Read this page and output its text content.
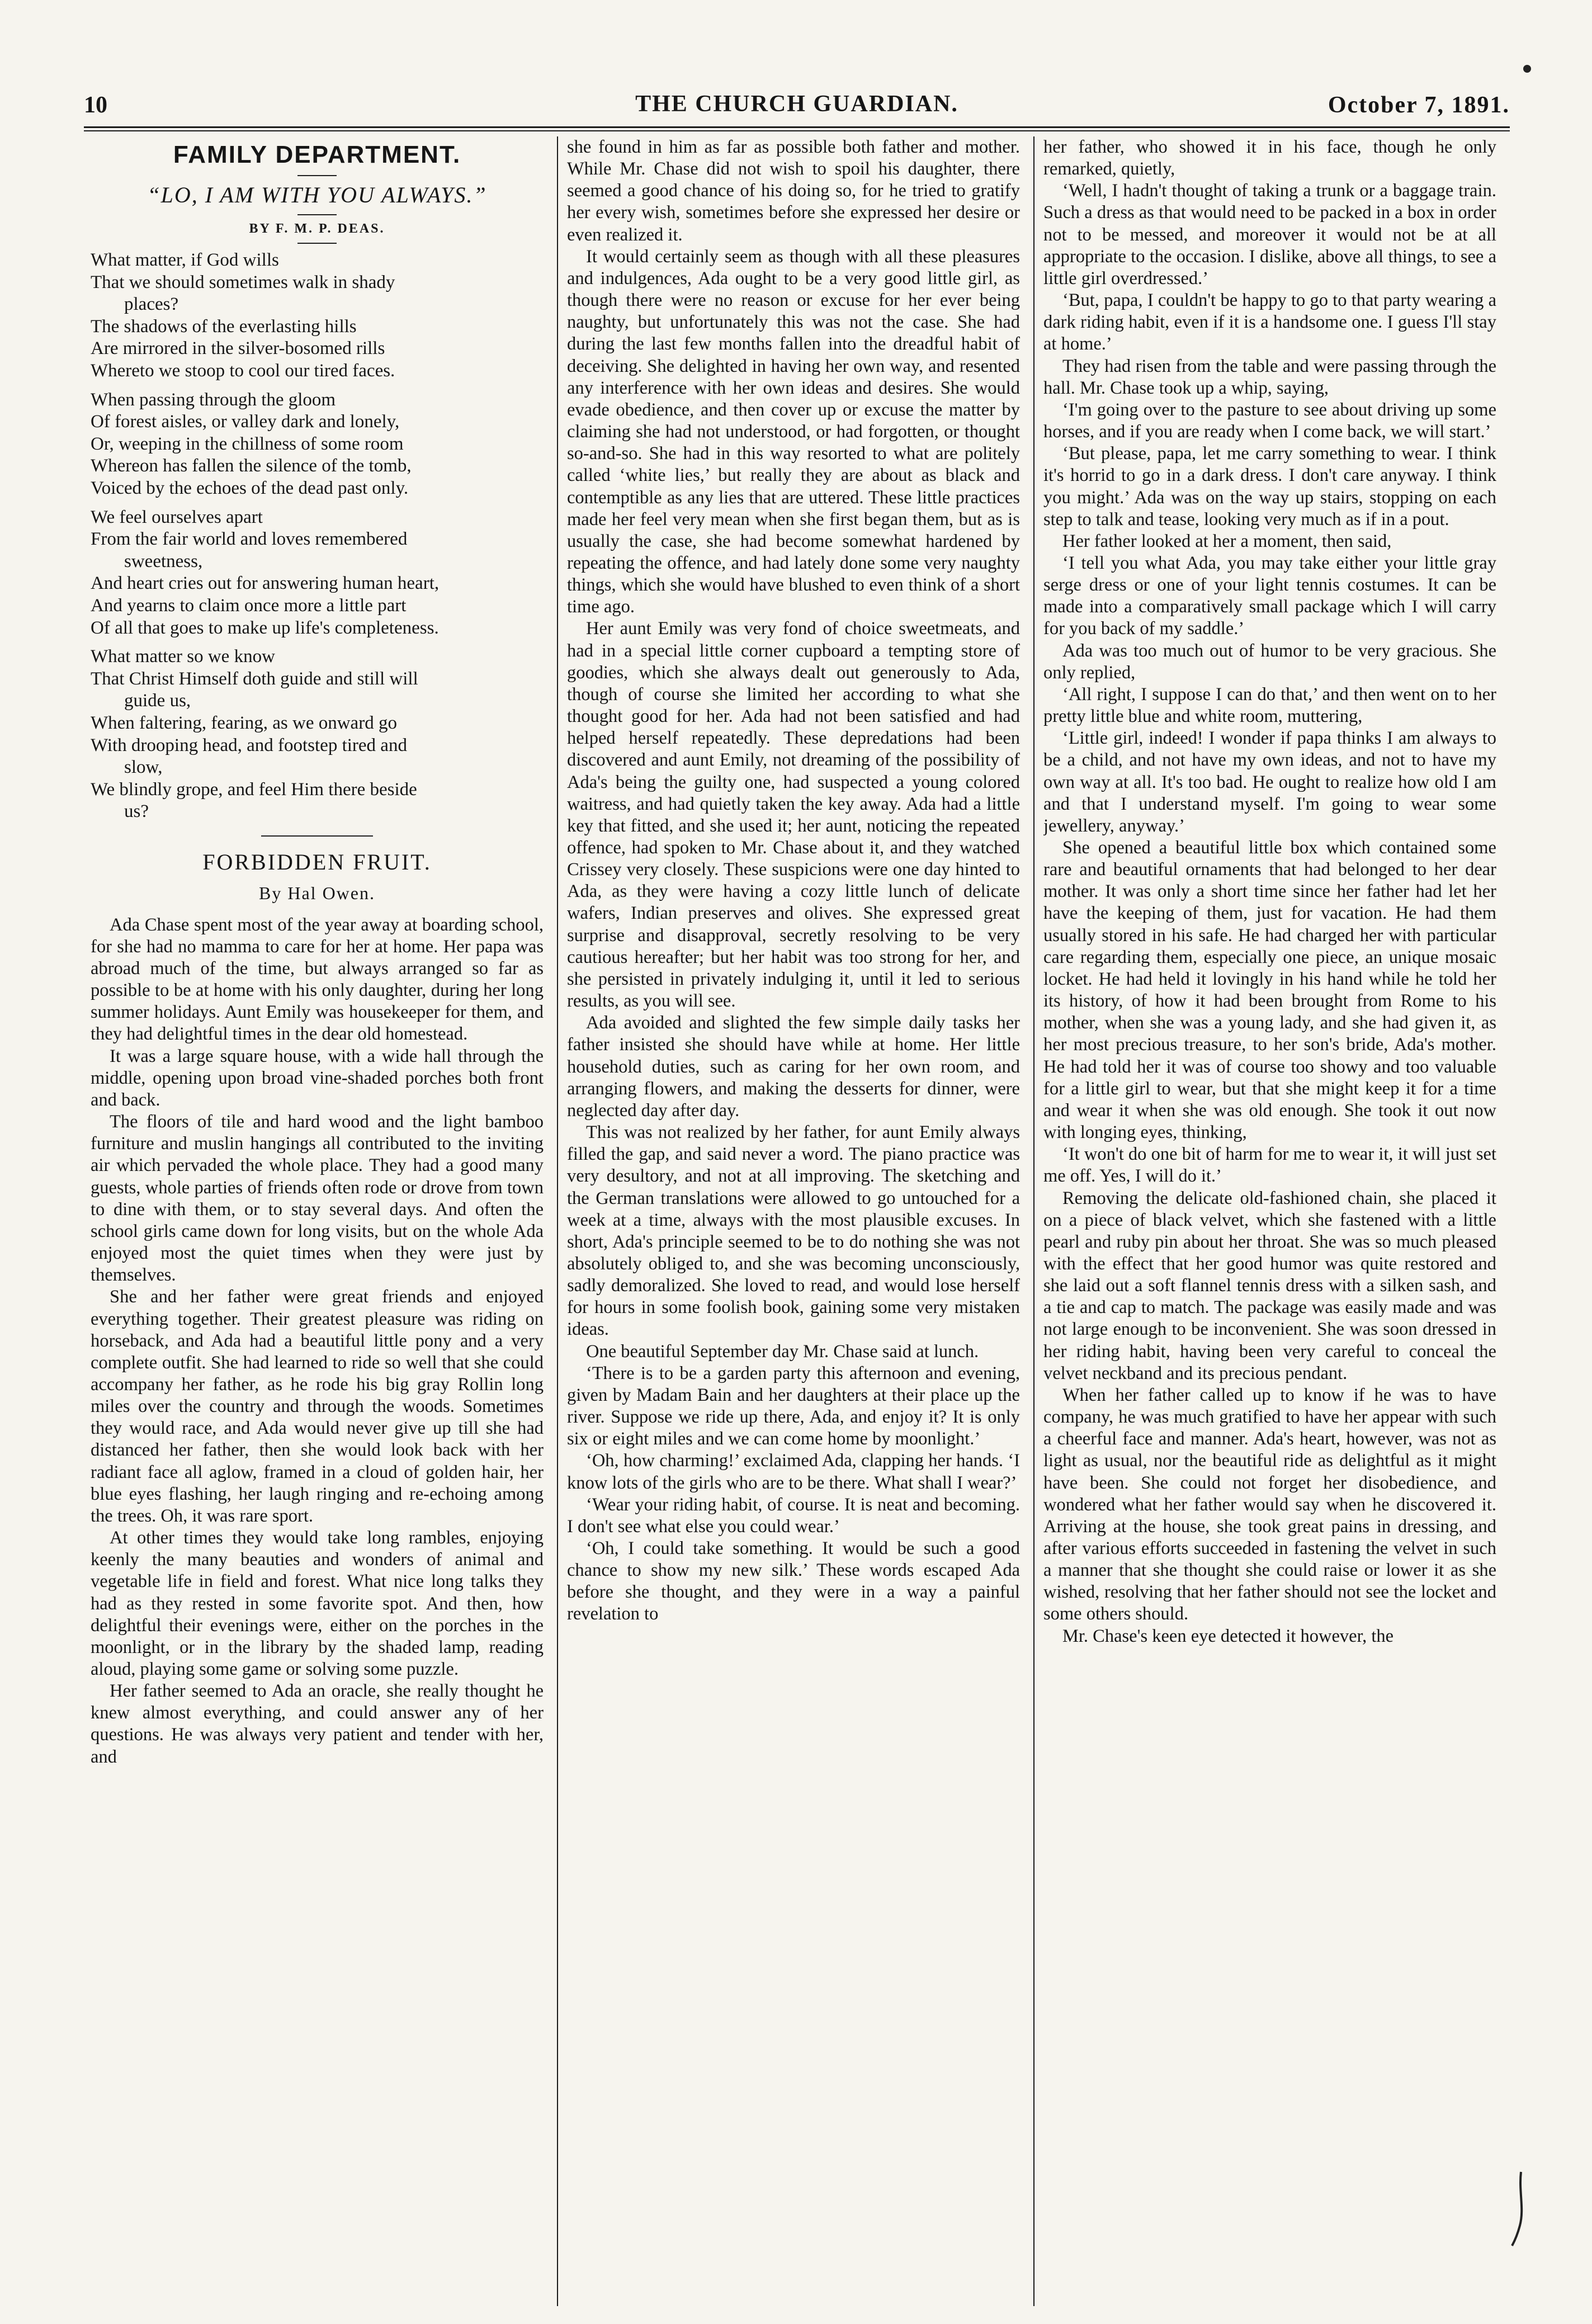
10	THE CHURCH GUARDIAN.	October 7, 1891.
FAMILY DEPARTMENT.
“LO, I AM WITH YOU ALWAYS.”
BY F. M. P. DEAS.
What matter, if God wills
That we should sometimes walk in shady
places?
The shadows of the everlasting hills
Are mirrored in the silver-bosomed rills
Whereto we stoop to cool our tired faces.
When passing through the gloom
Of forest aisles, or valley dark and lonely,
Or, weeping in the chillness of some room
Whereon has fallen the silence of the tomb,
Voiced by the echoes of the dead past only.
We feel ourselves apart
From the fair world and loves remembered
sweetness,
And heart cries out for answering human heart,
And yearns to claim once more a little part
Of all that goes to make up life's completeness.
What matter so we know
That Christ Himself doth guide and still will
guide us,
When faltering, fearing, as we onward go
With drooping head, and footstep tired and
slow,
We blindly grope, and feel Him there beside
us?
FORBIDDEN FRUIT.
By Hal Owen.

Ada Chase spent most of the year away at boarding school, for she had no mamma to care for her at home. Her papa was abroad much of the time, but always arranged so far as possible to be at home with his only daughter, during her long summer holidays. Aunt Emily was housekeeper for them, and they had delightful times in the dear old homestead.

It was a large square house, with a wide hall through the middle, opening upon broad vine-shaded porches both front and back.

The floors of tile and hard wood and the light bamboo furniture and muslin hangings all contributed to the inviting air which pervaded the whole place. They had a good many guests, whole parties of friends often rode or drove from town to dine with them, or to stay several days. And often the school girls came down for long visits, but on the whole Ada enjoyed most the quiet times when they were just by themselves.

She and her father were great friends and enjoyed everything together. Their greatest pleasure was riding on horseback, and Ada had a beautiful little pony and a very complete outfit. She had learned to ride so well that she could accompany her father, as he rode his big gray Rollin long miles over the country and through the woods. Sometimes they would race, and Ada would never give up till she had distanced her father, then she would look back with her radiant face all aglow, framed in a cloud of golden hair, her blue eyes flashing, her laugh ringing and re-echoing among the trees. Oh, it was rare sport.

At other times they would take long rambles, enjoying keenly the many beauties and wonders of animal and vegetable life in field and forest. What nice long talks they had as they rested in some favorite spot. And then, how delightful their evenings were, either on the porches in the moonlight, or in the library by the shaded lamp, reading aloud, playing some game or solving some puzzle.

Her father seemed to Ada an oracle, she really thought he knew almost everything, and could answer any of her questions. He was always very patient and tender with her, and

she found in him as far as possible both father and mother. While Mr. Chase did not wish to spoil his daughter, there seemed a good chance of his doing so, for he tried to gratify her every wish, sometimes before she expressed her desire or even realized it.

It would certainly seem as though with all these pleasures and indulgences, Ada ought to be a very good little girl, as though there were no reason or excuse for her ever being naughty, but unfortunately this was not the case. She had during the last few months fallen into the dreadful habit of deceiving. She delighted in having her own way, and resented any interference with her own ideas and desires. She would evade obedience, and then cover up or excuse the matter by claiming she had not understood, or had forgotten, or thought so-and-so. She had in this way resorted to what are politely called ‘white lies,’ but really they are about as black and contemptible as any lies that are uttered. These little practices made her feel very mean when she first began them, but as is usually the case, she had become somewhat hardened by repeating the offence, and had lately done some very naughty things, which she would have blushed to even think of a short time ago.

Her aunt Emily was very fond of choice sweetmeats, and had in a special little corner cupboard a tempting store of goodies, which she always dealt out generously to Ada, though of course she limited her according to what she thought good for her. Ada had not been satisfied and had helped herself repeatedly. These depredations had been discovered and aunt Emily, not dreaming of the possibility of Ada's being the guilty one, had suspected a young colored waitress, and had quietly taken the key away. Ada had a little key that fitted, and she used it; her aunt, noticing the repeated offence, had spoken to Mr. Chase about it, and they watched Crissey very closely. These suspicions were one day hinted to Ada, as they were having a cozy little lunch of delicate wafers, Indian preserves and olives. She expressed great surprise and disapproval, secretly resolving to be very cautious hereafter; but her habit was too strong for her, and she persisted in privately indulging it, until it led to serious results, as you will see.

Ada avoided and slighted the few simple daily tasks her father insisted she should have while at home. Her little household duties, such as caring for her own room, and arranging flowers, and making the desserts for dinner, were neglected day after day.

This was not realized by her father, for aunt Emily always filled the gap, and said never a word. The piano practice was very desultory, and not at all improving. The sketching and the German translations were allowed to go untouched for a week at a time, always with the most plausible excuses. In short, Ada's principle seemed to be to do nothing she was not absolutely obliged to, and she was becoming unconsciously, sadly demoralized. She loved to read, and would lose herself for hours in some foolish book, gaining some very mistaken ideas.

One beautiful September day Mr. Chase said at lunch.

‘There is to be a garden party this afternoon and evening, given by Madam Bain and her daughters at their place up the river. Suppose we ride up there, Ada, and enjoy it? It is only six or eight miles and we can come home by moonlight.’

‘Oh, how charming!’ exclaimed Ada, clapping her hands. ‘I know lots of the girls who are to be there. What shall I wear?’

‘Wear your riding habit, of course. It is neat and becoming. I don't see what else you could wear.’

‘Oh, I could take something. It would be such a good chance to show my new silk.’ These words escaped Ada before she thought, and they were in a way a painful revelation to

her father, who showed it in his face, though he only remarked, quietly,

‘Well, I hadn't thought of taking a trunk or a baggage train. Such a dress as that would need to be packed in a box in order not to be messed, and moreover it would not be at all appropriate to the occasion. I dislike, above all things, to see a little girl overdressed.’

‘But, papa, I couldn't be happy to go to that party wearing a dark riding habit, even if it is a handsome one. I guess I'll stay at home.’

They had risen from the table and were passing through the hall. Mr. Chase took up a whip, saying,

‘I'm going over to the pasture to see about driving up some horses, and if you are ready when I come back, we will start.’

‘But please, papa, let me carry something to wear. I think it's horrid to go in a dark dress. I don't care anyway. I think you might.’ Ada was on the way up stairs, stopping on each step to talk and tease, looking very much as if in a pout.

Her father looked at her a moment, then said,

‘I tell you what Ada, you may take either your little gray serge dress or one of your light tennis costumes. It can be made into a comparatively small package which I will carry for you back of my saddle.’

Ada was too much out of humor to be very gracious. She only replied,

‘All right, I suppose I can do that,’ and then went on to her pretty little blue and white room, muttering,

‘Little girl, indeed! I wonder if papa thinks I am always to be a child, and not have my own ideas, and not to have my own way at all. It's too bad. He ought to realize how old I am and that I understand myself. I'm going to wear some jewellery, anyway.’

She opened a beautiful little box which contained some rare and beautiful ornaments that had belonged to her dear mother. It was only a short time since her father had let her have the keeping of them, just for vacation. He had them usually stored in his safe. He had charged her with particular care regarding them, especially one piece, an unique mosaic locket. He had held it lovingly in his hand while he told her its history, of how it had been brought from Rome to his mother, when she was a young lady, and she had given it, as her most precious treasure, to her son's bride, Ada's mother. He had told her it was of course too showy and too valuable for a little girl to wear, but that she might keep it for a time and wear it when she was old enough. She took it out now with longing eyes, thinking,

‘It won't do one bit of harm for me to wear it, it will just set me off. Yes, I will do it.’

Removing the delicate old-fashioned chain, she placed it on a piece of black velvet, which she fastened with a little pearl and ruby pin about her throat. She was so much pleased with the effect that her good humor was quite restored and she laid out a soft flannel tennis dress with a silken sash, and a tie and cap to match. The package was easily made and was not large enough to be inconvenient. She was soon dressed in her riding habit, having been very careful to conceal the velvet neckband and its precious pendant.

When her father called up to know if he was to have company, he was much gratified to have her appear with such a cheerful face and manner. Ada's heart, however, was not as light as usual, nor the beautiful ride as delightful as it might have been. She could not forget her disobedience, and wondered what her father would say when he discovered it. Arriving at the house, she took great pains in dressing, and after various efforts succeeded in fastening the velvet in such a manner that she thought she could raise or lower it as she wished, resolving that her father should not see the locket and some others should.

Mr. Chase's keen eye detected it however, the
